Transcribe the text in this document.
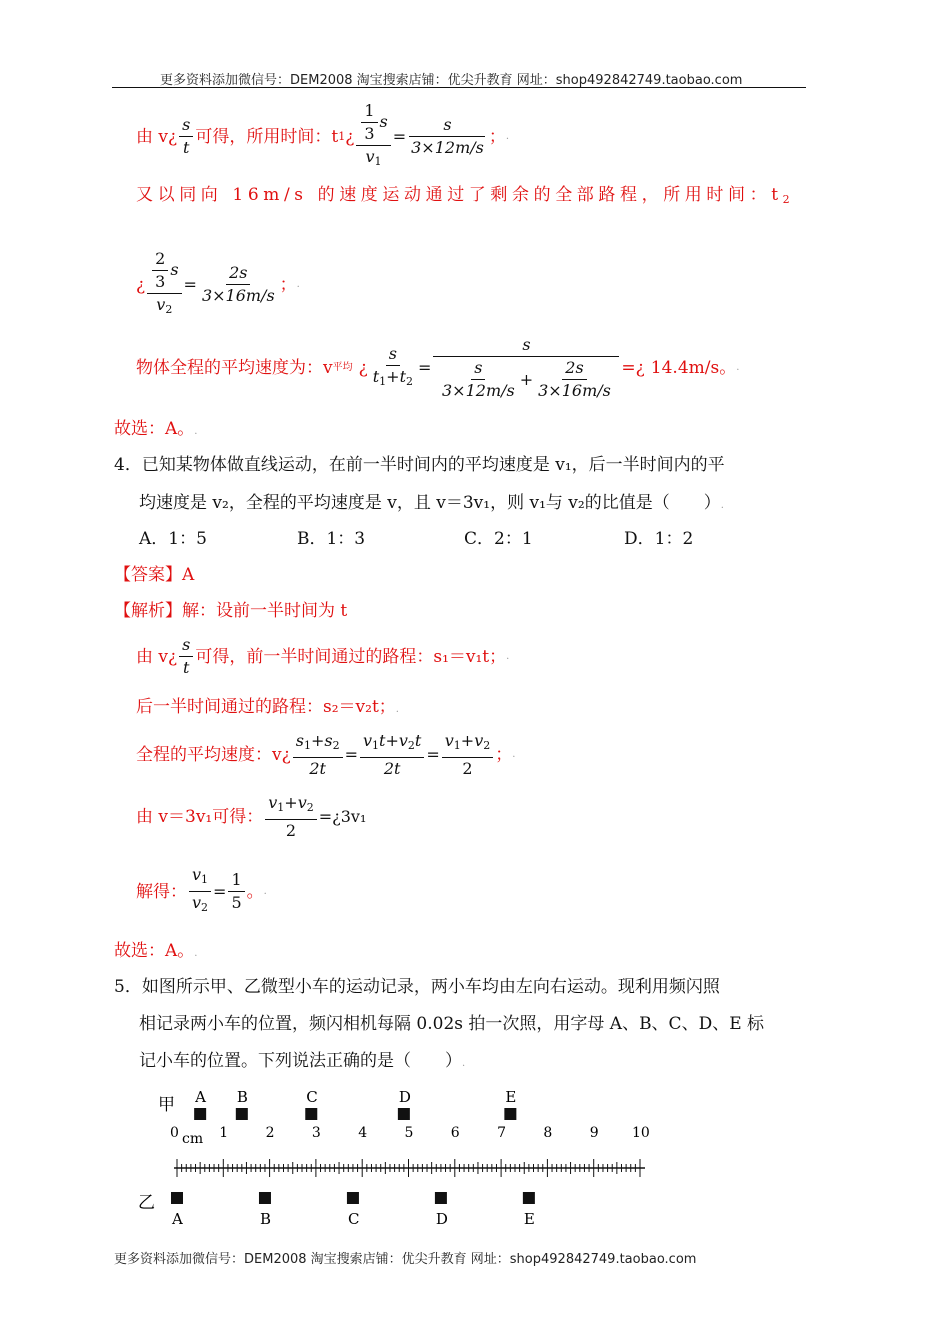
更多资料添加微信号：DEM2008 淘宝搜索店铺：优尖升教育 网址：shop492842749.taobao.com
由 v¿ $\frac{s}{t}$ 可得，所用时间：t 1 ¿ $\frac{\frac{1}{3} s}{v_1} = \frac{s}{3\times 12m/s}$ ； .
又以同向 16m/s 的速度运动通过了剩余的全部路程，所用时间：$t_2$
¿ $\frac{\frac{2}{3} s}{v_2} = \frac{2s}{3\times 16m/s}$ ； .
物体全程的平均速度为：v 平均 ¿ $\frac{s}{t_1+t_2} = \frac{s}{\frac{s}{3\times 12m/s} + \frac{2s}{3\times 16m/s}}$ =¿ 14.4m/s。 .
故选：A。.
4．已知某物体做直线运动，在前一半时间内的平均速度是 v₁，后一半时间内的平
均速度是 v₂，全程的平均速度是 v，且 v＝3v₁，则 v₁与 v₂的比值是（　　）.
A．1：5	B．1：3	C．2：1	D．1：2
【答案】A
【解析】解：设前一半时间为 t
由 v¿ $\frac{s}{t}$ 可得，前一半时间通过的路程：s₁＝v₁t； .
后一半时间通过的路程：s₂＝v₂t；.
全程的平均速度：v¿ $\frac{s_1+s_2}{2t} = \frac{v_1t+v_2t}{2t} = \frac{v_1+v_2}{2}$ ； .
由 v＝3v₁可得： $\frac{v_1+v_2}{2}$ =¿3v₁
解得： $\frac{v_1}{v_2} = \frac{1}{5}$ 。 .
故选：A。.
5．如图所示甲、乙微型小车的运动记录，两小车均由左向右运动。现利用频闪照
相记录两小车的位置，频闪相机每隔 0.02s 拍一次照，用字母 A、B、C、D、E 标
记小车的位置。下列说法正确的是（　　）.
甲
乙
cm
0	1	2	3	4	5	6	7	8	9 10
A B	C	D	E
A	B	C	D	E
更多资料添加微信号：DEM2008 淘宝搜索店铺：优尖升教育 网址：shop492842749.taobao.com
